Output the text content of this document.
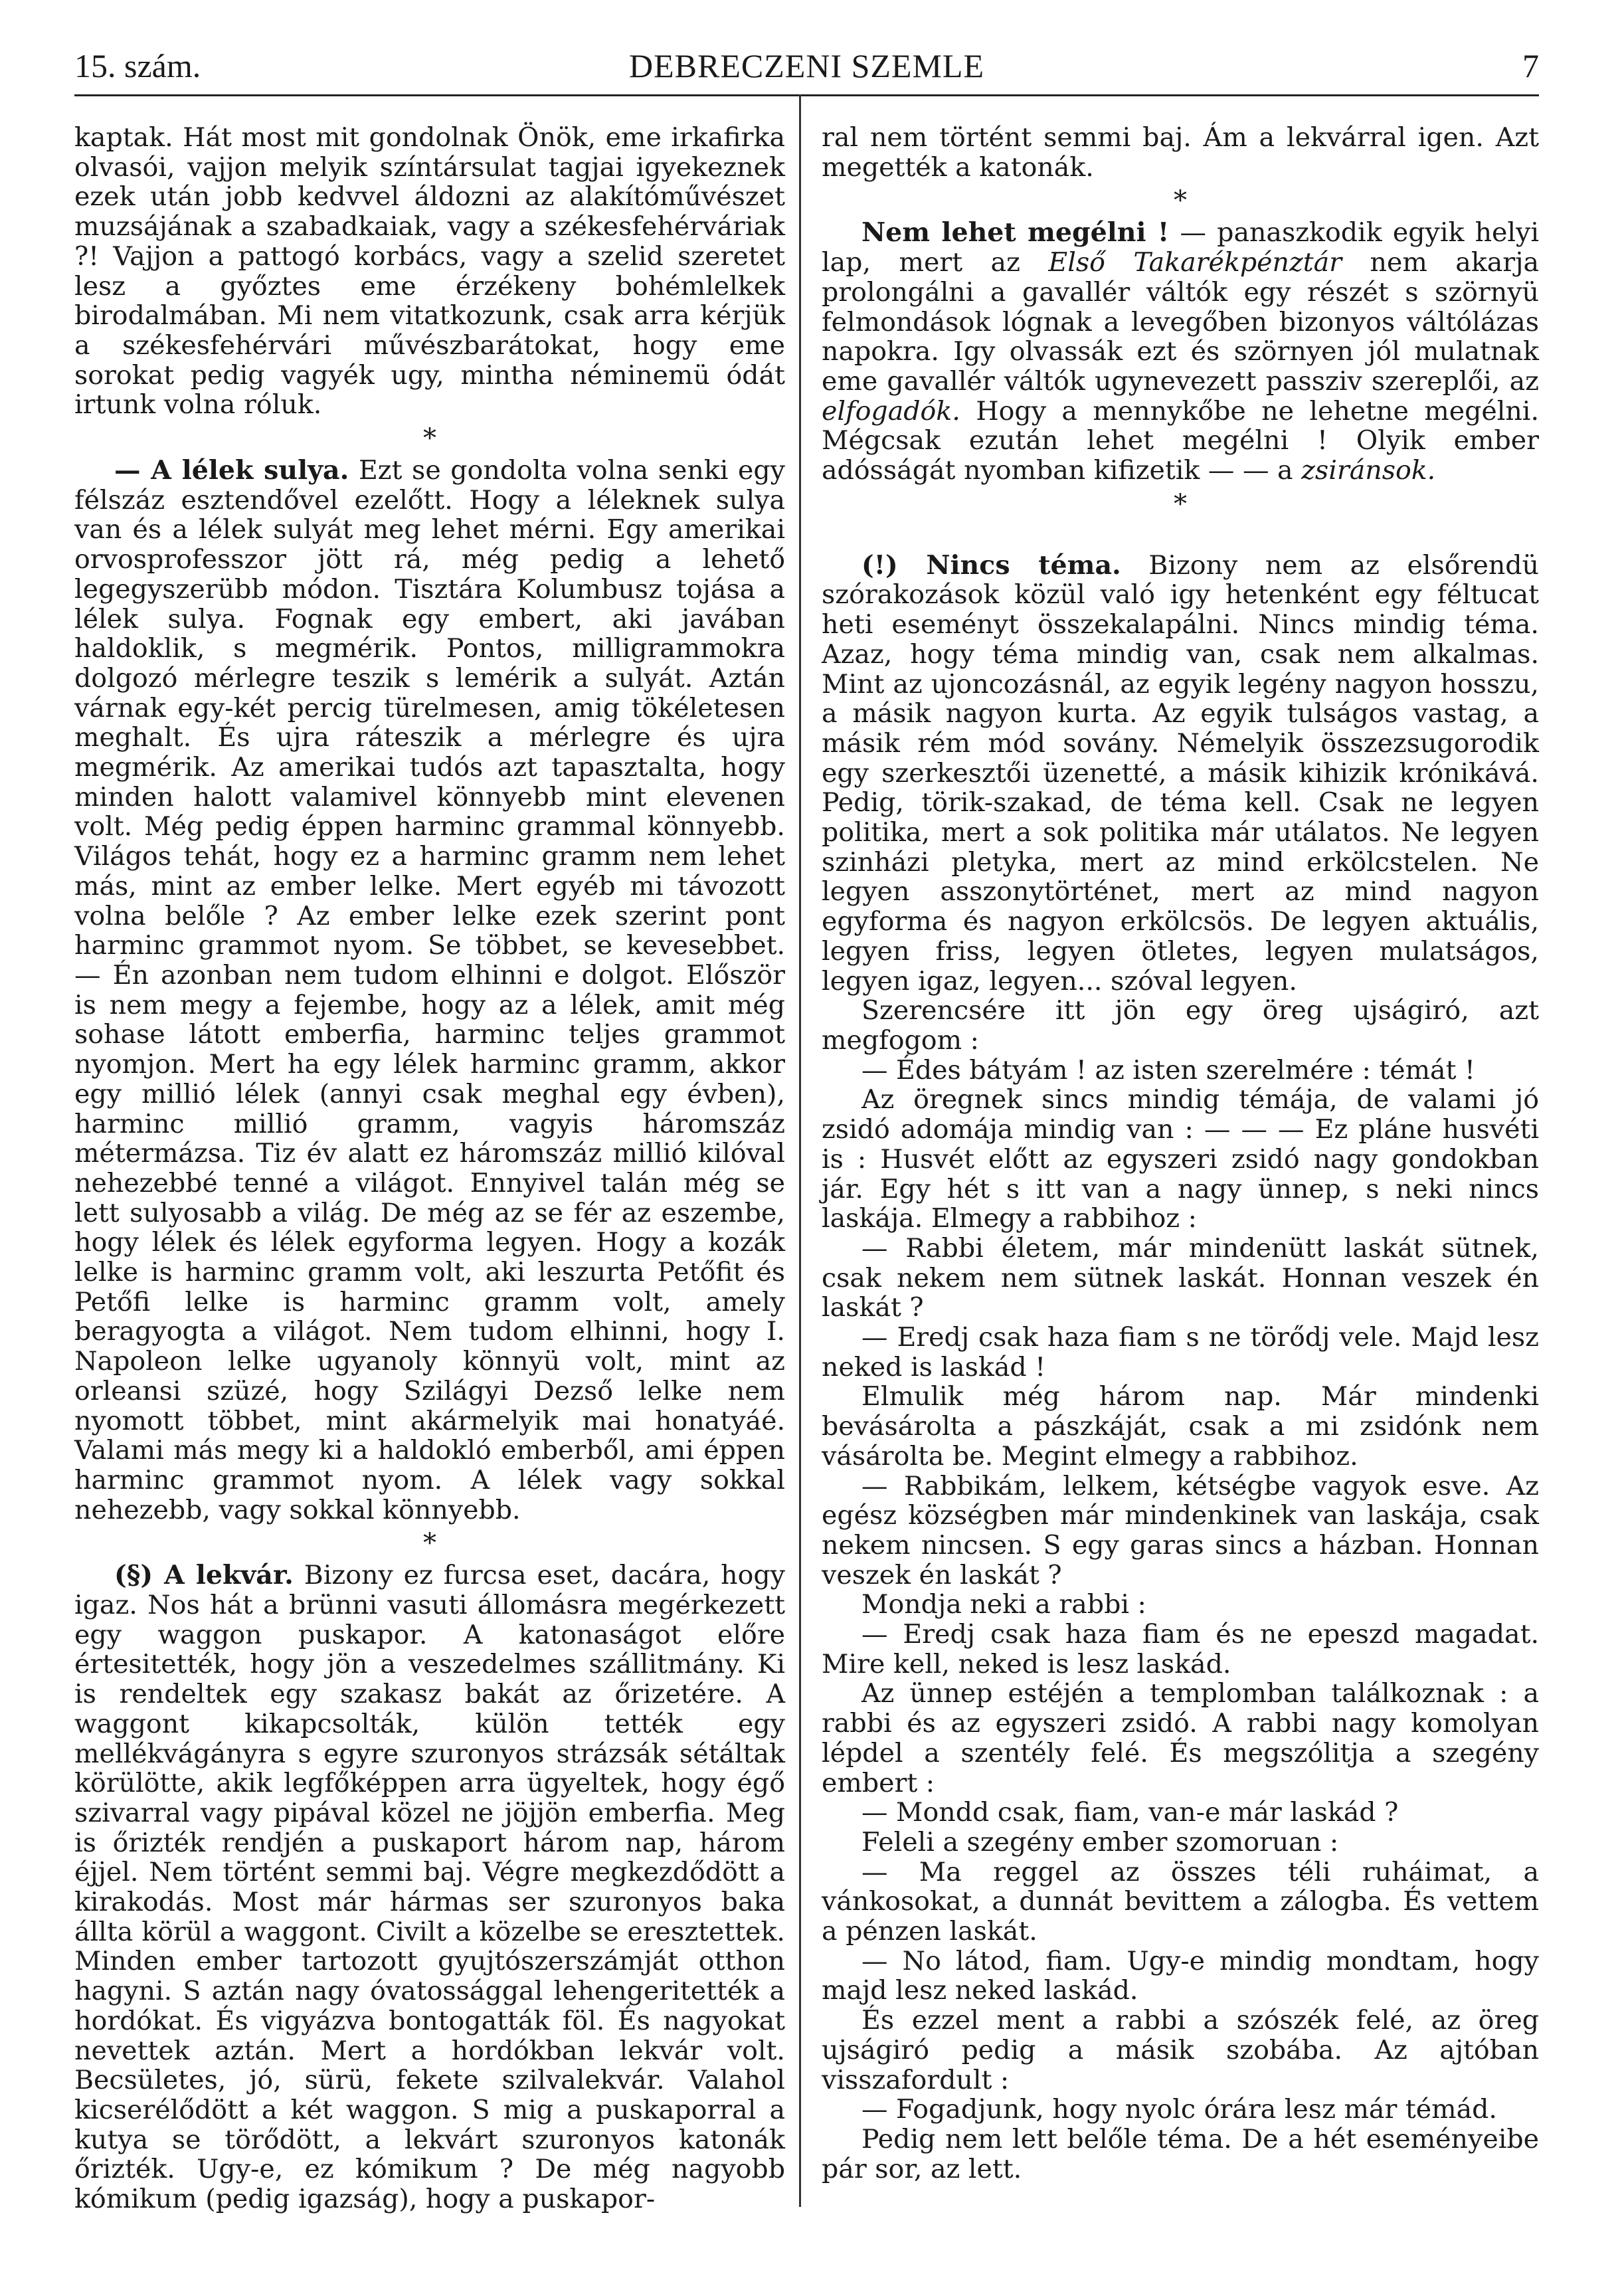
15. szám.	DEBRECZENI SZEMLE	7

kaptak. Hát most mit gondolnak Önök, eme irkafirka olvasói, vajjon melyik színtársulat tagjai igyekeznek ezek után jobb kedvvel áldozni az alakítóművészet muzsájának a szabadkaiak, vagy a székesfehérváriak ?! Vajjon a pattogó korbács, vagy a szelid szeretet lesz a győztes eme érzékeny bohémlelkek birodalmában. Mi nem vitatkozunk, csak arra kérjük a székesfehérvári művészbarátokat, hogy eme sorokat pedig vagyék ugy, mintha néminemü ódát irtunk volna róluk.

*

— A lélek sulya. Ezt se gondolta volna senki egy félszáz esztendővel ezelőtt. Hogy a léleknek sulya van és a lélek sulyát meg lehet mérni. Egy amerikai orvosprofesszor jött rá, még pedig a lehető legegyszerübb módon. Tisztára Kolumbusz tojása a lélek sulya. Fognak egy embert, aki javában haldoklik, s megmérik. Pontos, milligrammokra dolgozó mérlegre teszik s lemérik a sulyát. Aztán várnak egy-két percig türelmesen, amig tökéletesen meghalt. És ujra ráteszik a mérlegre és ujra megmérik. Az amerikai tudós azt tapasztalta, hogy minden halott valamivel könnyebb mint elevenen volt. Még pedig éppen harminc grammal könnyebb. Világos tehát, hogy ez a harminc gramm nem lehet más, mint az ember lelke. Mert egyéb mi távozott volna belőle ? Az ember lelke ezek szerint pont harminc grammot nyom. Se többet, se kevesebbet. — Én azonban nem tudom elhinni e dolgot. Először is nem megy a fejembe, hogy az a lélek, amit még sohase látott emberfia, harminc teljes grammot nyomjon. Mert ha egy lélek harminc gramm, akkor egy millió lélek (annyi csak meghal egy évben), harminc millió gramm, vagyis háromszáz métermázsa. Tiz év alatt ez háromszáz millió kilóval nehezebbé tenné a világot. Ennyivel talán még se lett sulyosabb a világ. De még az se fér az eszembe, hogy lélek és lélek egyforma legyen. Hogy a kozák lelke is harminc gramm volt, aki leszurta Petőfit és Petőfi lelke is harminc gramm volt, amely beragyogta a világot. Nem tudom elhinni, hogy I. Napoleon lelke ugyanoly könnyü volt, mint az orleansi szüzé, hogy Szilágyi Dezső lelke nem nyomott többet, mint akármelyik mai honatyáé. Valami más megy ki a haldokló emberből, ami éppen harminc grammot nyom. A lélek vagy sokkal nehezebb, vagy sokkal könnyebb.

*

(§) A lekvár. Bizony ez furcsa eset, dacára, hogy igaz. Nos hát a brünni vasuti állomásra megérkezett egy waggon puskapor. A katonaságot előre értesitették, hogy jön a veszedelmes szállitmány. Ki is rendeltek egy szakasz bakát az őrizetére. A waggont kikapcsolták, külön tették egy mellékvágányra s egyre szuronyos strázsák sétáltak körülötte, akik legfőképpen arra ügyeltek, hogy égő szivarral vagy pipával közel ne jöjjön emberfia. Meg is őrizték rendjén a puskaport három nap, három éjjel. Nem történt semmi baj. Végre megkezdődött a kirakodás. Most már hármas ser szuronyos baka állta körül a waggont. Civilt a közelbe se eresztettek. Minden ember tartozott gyujtószerszámját otthon hagyni. S aztán nagy óvatossággal lehengeritették a hordókat. És vigyázva bontogatták föl. És nagyokat nevettek aztán. Mert a hordókban lekvár volt. Becsületes, jó, sürü, fekete szilvalekvár. Valahol kicserélődött a két waggon. S mig a puskaporral a kutya se törődött, a lekvárt szuronyos katonák őrizték. Ugy-e, ez kómikum ? De még nagyobb kómikum (pedig igazság), hogy a puskapor-

ral nem történt semmi baj. Ám a lekvárral igen. Azt megették a katonák.

*

Nem lehet megélni ! — panaszkodik egyik helyi lap, mert az Első Takarékpénztár nem akarja prolongálni a gavallér váltók egy részét s szörnyü felmondások lógnak a levegőben bizonyos váltólázas napokra. Igy olvassák ezt és szörnyen jól mulatnak eme gavallér váltók ugynevezett passziv szereplői, az elfogadók. Hogy a mennykőbe ne lehetne megélni. Mégcsak ezután lehet megélni ! Olyik ember adósságát nyomban kifizetik — — a zsiránsok.

*

(!) Nincs téma. Bizony nem az elsőrendü szórakozások közül való igy hetenként egy féltucat heti eseményt összekalapálni. Nincs mindig téma. Azaz, hogy téma mindig van, csak nem alkalmas. Mint az ujoncozásnál, az egyik legény nagyon hosszu, a másik nagyon kurta. Az egyik tulságos vastag, a másik rém mód sovány. Némelyik összezsugorodik egy szerkesztői üzenetté, a másik kihizik krónikává. Pedig, törik-szakad, de téma kell. Csak ne legyen politika, mert a sok politika már utálatos. Ne legyen szinházi pletyka, mert az mind erkölcstelen. Ne legyen asszonytörténet, mert az mind nagyon egyforma és nagyon erkölcsös. De legyen aktuális, legyen friss, legyen ötletes, legyen mulatságos, legyen igaz, legyen... szóval legyen.

Szerencsére itt jön egy öreg ujságiró, azt megfogom :

— Édes bátyám ! az isten szerelmére : témát !

Az öregnek sincs mindig témája, de valami jó zsidó adomája mindig van : — — — Ez pláne husvéti is : Husvét előtt az egyszeri zsidó nagy gondokban jár. Egy hét s itt van a nagy ünnep, s neki nincs laskája. Elmegy a rabbihoz :

— Rabbi életem, már mindenütt laskát sütnek, csak nekem nem sütnek laskát. Honnan veszek én laskát ?

— Eredj csak haza fiam s ne törődj vele. Majd lesz neked is laskád !

Elmulik még három nap. Már mindenki bevásárolta a pászkáját, csak a mi zsidónk nem vásárolta be. Megint elmegy a rabbihoz.

— Rabbikám, lelkem, kétségbe vagyok esve. Az egész községben már mindenkinek van laskája, csak nekem nincsen. S egy garas sincs a házban. Honnan veszek én laskát ?

Mondja neki a rabbi :

— Eredj csak haza fiam és ne epeszd magadat. Mire kell, neked is lesz laskád.

Az ünnep estéjén a templomban találkoznak : a rabbi és az egyszeri zsidó. A rabbi nagy komolyan lépdel a szentély felé. És megszólitja a szegény embert :

— Mondd csak, fiam, van-e már laskád ?

Feleli a szegény ember szomoruan :

— Ma reggel az összes téli ruháimat, a vánkosokat, a dunnát bevittem a zálogba. És vettem a pénzen laskát.

— No látod, fiam. Ugy-e mindig mondtam, hogy majd lesz neked laskád.

És ezzel ment a rabbi a szószék felé, az öreg ujságiró pedig a másik szobába. Az ajtóban visszafordult :

— Fogadjunk, hogy nyolc órára lesz már témád.

Pedig nem lett belőle téma. De a hét eseményeibe pár sor, az lett.
